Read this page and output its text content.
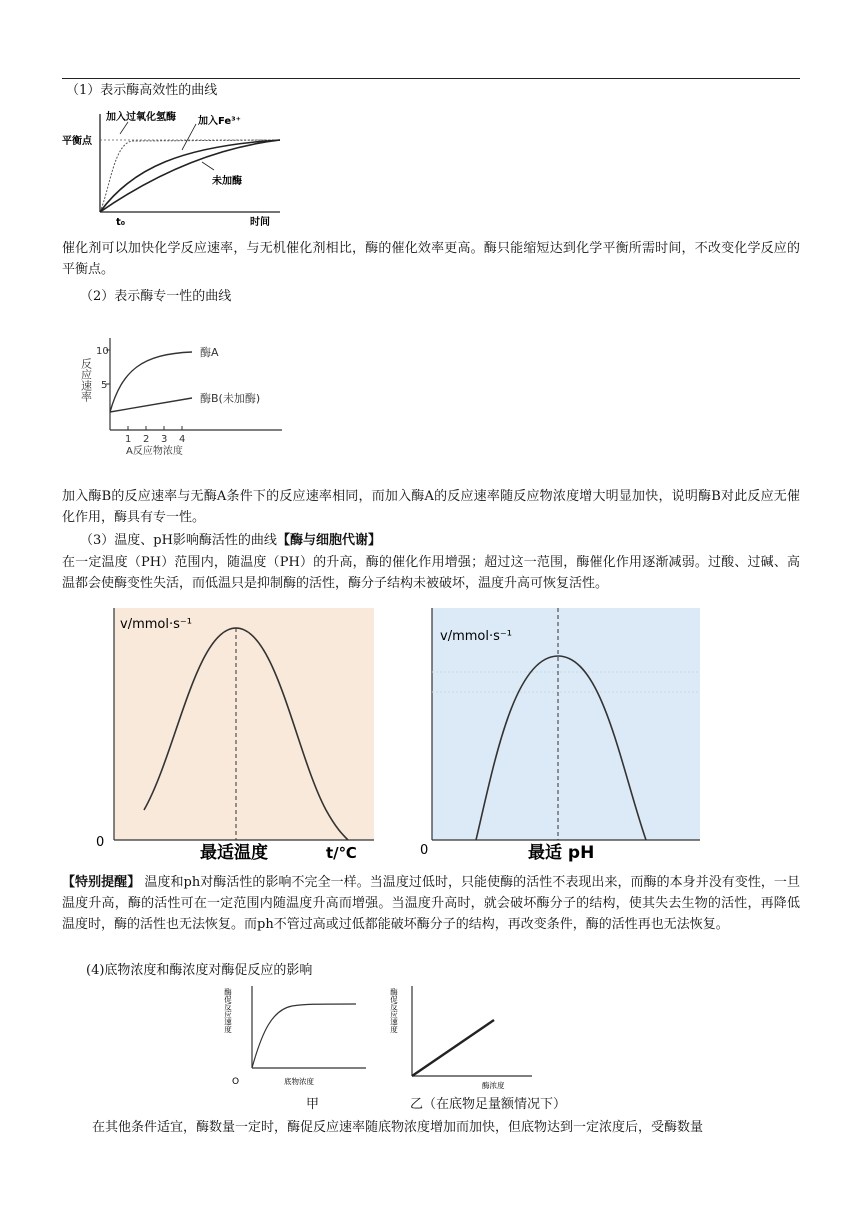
（1）表示酶高效性的曲线
平衡点
加入过氧化氢酶 加入Fe³⁺
未加酶
t₀	时间
催化剂可以加快化学反应速率，与无机催化剂相比，酶的催化效率更高。酶只能缩短达到化学平衡所需时间，不改变化学反应的平衡点。
（2）表示酶专一性的曲线
反应速率
10
5
1 2 3 4
A反应物浓度
酶A
酶B(未加酶)
加入酶B的反应速率与无酶A条件下的反应速率相同，而加入酶A的反应速率随反应物浓度增大明显加快，说明酶B对此反应无催化作用，酶具有专一性。
（3）温度、pH影响酶活性的曲线【酶与细胞代谢】
在一定温度（PH）范围内，随温度（PH）的升高，酶的催化作用增强；超过这一范围，酶催化作用逐渐减弱。过酸、过碱、高温都会使酶变性失活，而低温只是抑制酶的活性，酶分子结构未被破坏，温度升高可恢复活性。
v/mmol·s⁻¹
0
最适温度	t/℃
v/mmol·s⁻¹
0	最适 pH
【特别提醒】 温度和ph对酶活性的影响不完全一样。当温度过低时，只能使酶的活性不表现出来，而酶的本身并没有变性，一旦温度升高，酶的活性可在一定范围内随温度升高而增强。当温度升高时，就会破坏酶分子的结构，使其失去生物的活性，再降低温度时，酶的活性也无法恢复。而ph不管过高或过低都能破坏酶分子的结构，再改变条件，酶的活性再也无法恢复。
(4)底物浓度和酶浓度对酶促反应的影响
酶促反应速度
O	底物浓度
酶促反应速度
酶浓度
甲	乙（在底物足量额情况下）
在其他条件适宜，酶数量一定时，酶促反应速率随底物浓度增加而加快，但底物达到一定浓度后，受酶数量
